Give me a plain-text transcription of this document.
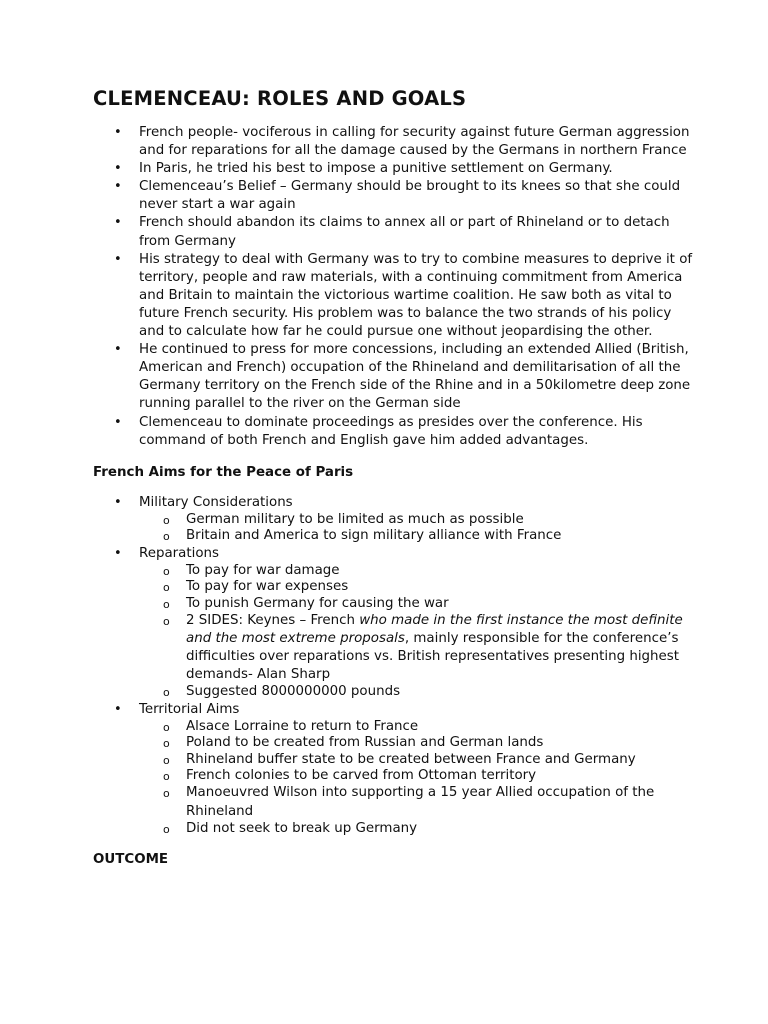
CLEMENCEAU: ROLES AND GOALS
• French people- vociferous in calling for security against future German aggression and for reparations for all the damage caused by the Germans in northern France
• In Paris, he tried his best to impose a punitive settlement on Germany.
• Clemenceau’s Belief – Germany should be brought to its knees so that she could never start a war again
• French should abandon its claims to annex all or part of Rhineland or to detach from Germany
• His strategy to deal with Germany was to try to combine measures to deprive it of territory, people and raw materials, with a continuing commitment from America and Britain to maintain the victorious wartime coalition. He saw both as vital to future French security. His problem was to balance the two strands of his policy and to calculate how far he could pursue one without jeopardising the other.
• He continued to press for more concessions, including an extended Allied (British, American and French) occupation of the Rhineland and demilitarisation of all the Germany territory on the French side of the Rhine and in a 50kilometre deep zone running parallel to the river on the German side
• Clemenceau to dominate proceedings as presides over the conference. His command of both French and English gave him added advantages.
French Aims for the Peace of Paris
• Military Considerations
o German military to be limited as much as possible
o Britain and America to sign military alliance with France
• Reparations
o To pay for war damage
o To pay for war expenses
o To punish Germany for causing the war
o 2 SIDES: Keynes – French who made in the first instance the most definite and the most extreme proposals, mainly responsible for the conference’s difficulties over reparations vs. British representatives presenting highest demands- Alan Sharp
o Suggested 8000000000 pounds
• Territorial Aims
o Alsace Lorraine to return to France
o Poland to be created from Russian and German lands
o Rhineland buffer state to be created between France and Germany
o French colonies to be carved from Ottoman territory
o Manoeuvred Wilson into supporting a 15 year Allied occupation of the Rhineland
o Did not seek to break up Germany
OUTCOME
